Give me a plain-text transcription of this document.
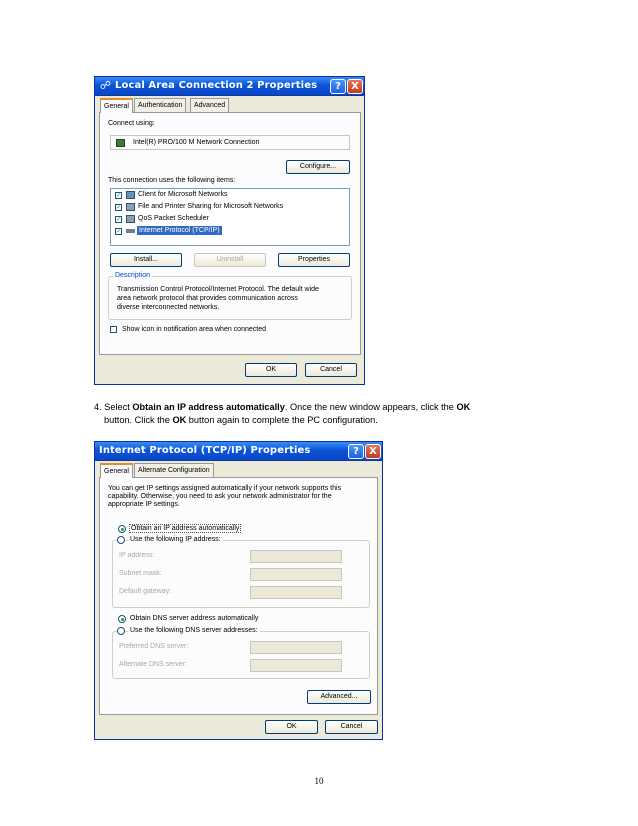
☍ Local Area Connection 2 Properties	?	X
General	Authentication	Advanced
Connect using:
Intel(R) PRO/100 M Network Connection
Configure...
This connection uses the following items:
✓ Client for Microsoft Networks
✓ File and Printer Sharing for Microsoft Networks
✓ QoS Packet Scheduler
✓	Internet Protocol (TCP/IP)
Install...	Uninstall	Properties
Description
Transmission Control Protocol/Internet Protocol. The default wide
area network protocol that provides communication across
diverse interconnected networks.
Show icon in notification area when connected
OK	Cancel
4. Select Obtain an IP address automatically. Once the new window appears, click the OK
button. Click the OK button again to complete the PC configuration.
Internet Protocol (TCP/IP) Properties	?	X
General	Alternate Configuration
You can get IP settings assigned automatically if your network supports this
capability. Otherwise, you need to ask your network administrator for the
appropriate IP settings.
Obtain an IP address automatically
Use the following IP address:
IP address:
Subnet mask:
Default gateway:
Obtain DNS server address automatically
Use the following DNS server addresses:
Preferred DNS server:
Alternate DNS server:
Advanced...
OK	Cancel
10
